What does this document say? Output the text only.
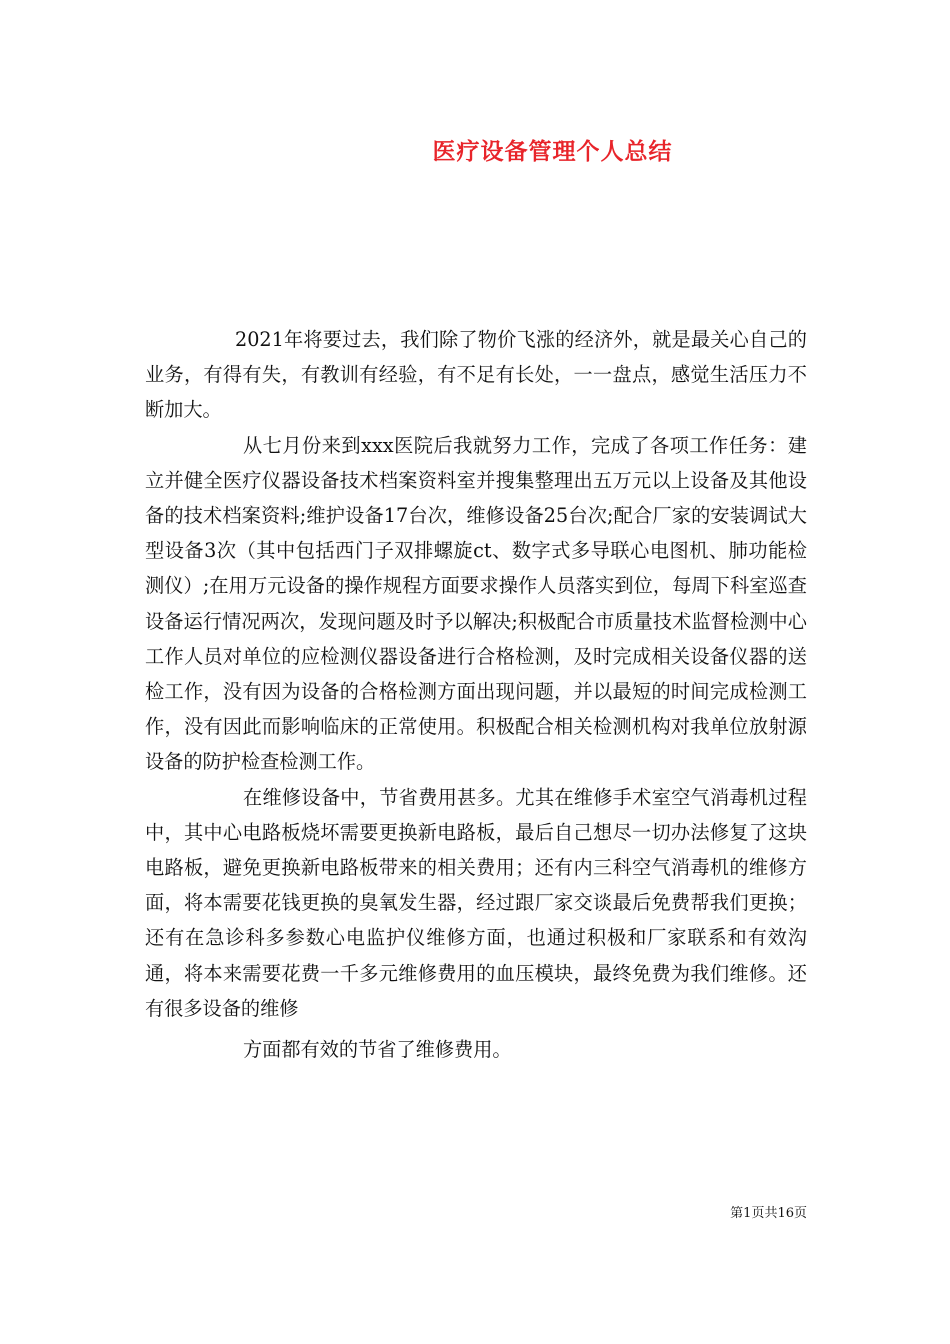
医疗设备管理个人总结

2021年将要过去，我们除了物价飞涨的经济外，就是最关心自己的业务，有得有失，有教训有经验，有不足有长处，一一盘点，感觉生活压力不断加大。

从七月份来到xxx医院后我就努力工作，完成了各项工作任务：建立并健全医疗仪器设备技术档案资料室并搜集整理出五万元以上设备及其他设备的技术档案资料;维护设备17台次，维修设备25台次;配合厂家的安装调试大型设备3次（其中包括西门子双排螺旋ct、数字式多导联心电图机、肺功能检测仪）;在用万元设备的操作规程方面要求操作人员落实到位，每周下科室巡查设备运行情况两次，发现问题及时予以解决;积极配合市质量技术监督检测中心工作人员对单位的应检测仪器设备进行合格检测，及时完成相关设备仪器的送检工作，没有因为设备的合格检测方面出现问题，并以最短的时间完成检测工作，没有因此而影响临床的正常使用。积极配合相关检测机构对我单位放射源设备的防护检查检测工作。

在维修设备中，节省费用甚多。尤其在维修手术室空气消毒机过程中，其中心电路板烧坏需要更换新电路板，最后自己想尽一切办法修复了这块电路板，避免更换新电路板带来的相关费用；还有内三科空气消毒机的维修方面，将本需要花钱更换的臭氧发生器，经过跟厂家交谈最后免费帮我们更换；还有在急诊科多参数心电监护仪维修方面，也通过积极和厂家联系和有效沟通，将本来需要花费一千多元维修费用的血压模块，最终免费为我们维修。还有很多设备的维修

方面都有效的节省了维修费用。

第1页共16页
